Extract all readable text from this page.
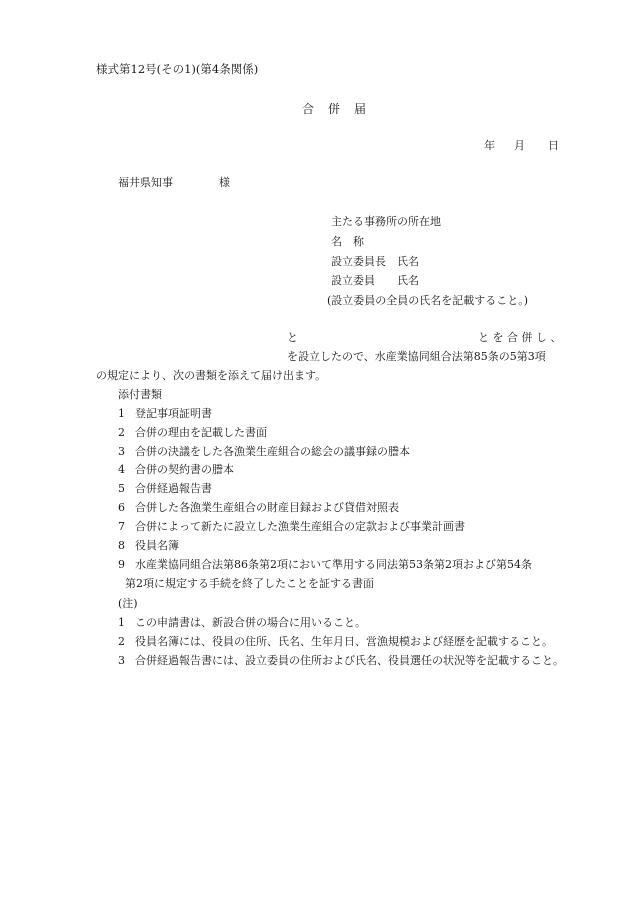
様式第12号(その1)(第4条関係)
合　併　届
年 月 日
福井県知事	様
主たる事務所の所在地
名　称
設立委員長　氏名
設立委員　　氏名
(設立委員の全員の氏名を記載すること。)
と	と を 合 併 し 、
を設立したので、水産業協同組合法第85条の5第3項
の規定により、次の書類を添えて届け出ます。
添付書類
1 登記事項証明書
2 合併の理由を記載した書面
3 合併の決議をした各漁業生産組合の総会の議事録の謄本
4 合併の契約書の謄本
5 合併経過報告書
6 合併した各漁業生産組合の財産目録および貸借対照表
7 合併によって新たに設立した漁業生産組合の定款および事業計画書
8 役員名簿
9 水産業協同組合法第86条第2項において準用する同法第53条第2項および第54条
第2項に規定する手続を終了したことを証する書面
(注)
1 この申請書は、新設合併の場合に用いること。
2 役員名簿には、役員の住所、氏名、生年月日、営漁規模および経歴を記載すること。
3 合併経過報告書には、設立委員の住所および氏名、役員選任の状況等を記載すること。
